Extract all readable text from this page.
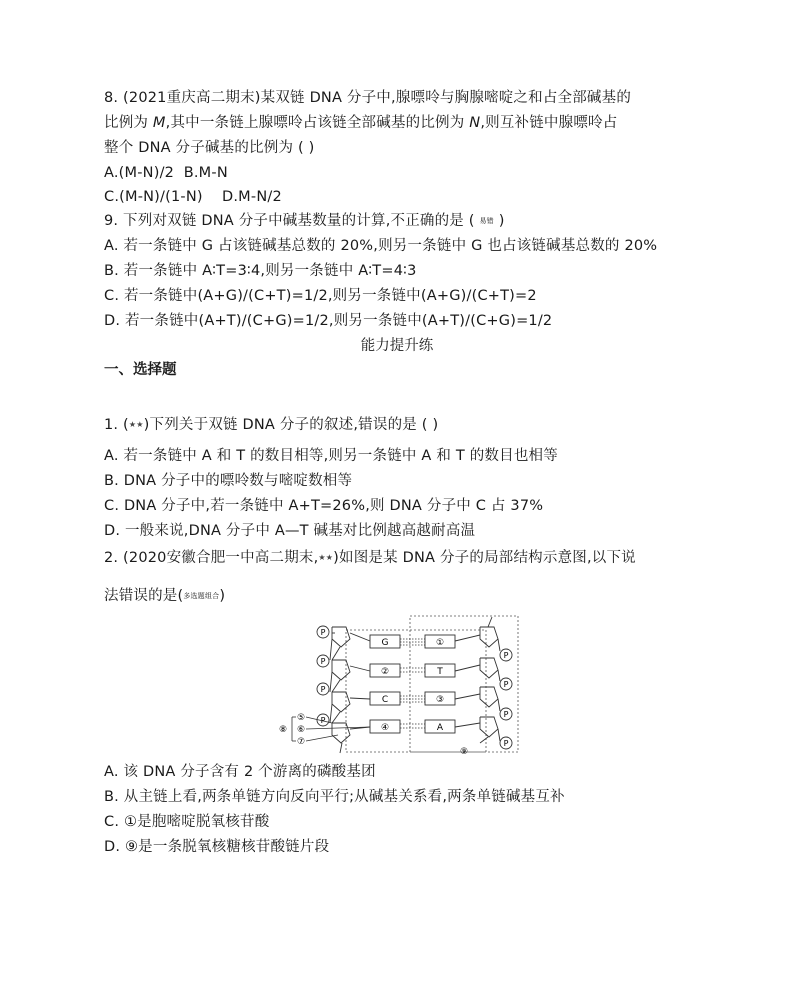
8. (2021重庆高二期末)某双链 DNA 分子中,腺嘌呤与胸腺嘧啶之和占全部碱基的
比例为 M,其中一条链上腺嘌呤占该链全部碱基的比例为 N,则互补链中腺嘌呤占
整个 DNA 分子碱基的比例为 ( )
A.(M-N)/2 B.M-N
C.(M-N)/(1-N) D.M-N/2
9. 下列对双链 DNA 分子中碱基数量的计算,不正确的是 ( 易错 )
A. 若一条链中 G 占该链碱基总数的 20%,则另一条链中 G 也占该链碱基总数的 20%
B. 若一条链中 A∶T=3∶4,则另一条链中 A∶T=4∶3
C. 若一条链中(A+G)/(C+T)=1/2,则另一条链中(A+G)/(C+T)=2
D. 若一条链中(A+T)/(C+G)=1/2,则另一条链中(A+T)/(C+G)=1/2
能力提升练
一、选择题
1. (★★)下列关于双链 DNA 分子的叙述,错误的是 ( )
A. 若一条链中 A 和 T 的数目相等,则另一条链中 A 和 T 的数目也相等
B. DNA 分子中的嘌呤数与嘧啶数相等
C. DNA 分子中,若一条链中 A+T=26%,则 DNA 分子中 C 占 37%
D. 一般来说,DNA 分子中 A—T 碱基对比例越高越耐高温
2. (2020安徽合肥一中高二期末,★★)如图是某 DNA 分子的局部结构示意图,以下说
法错误的是(多选题组合)
P
P
P
P
G
②
C
④
①
T
③
A
P
P
P
P
⑤
⑥
⑦
⑧
⑨
A. 该 DNA 分子含有 2 个游离的磷酸基团
B. 从主链上看,两条单链方向反向平行;从碱基关系看,两条单链碱基互补
C. ①是胞嘧啶脱氧核苷酸
D. ⑨是一条脱氧核糖核苷酸链片段
